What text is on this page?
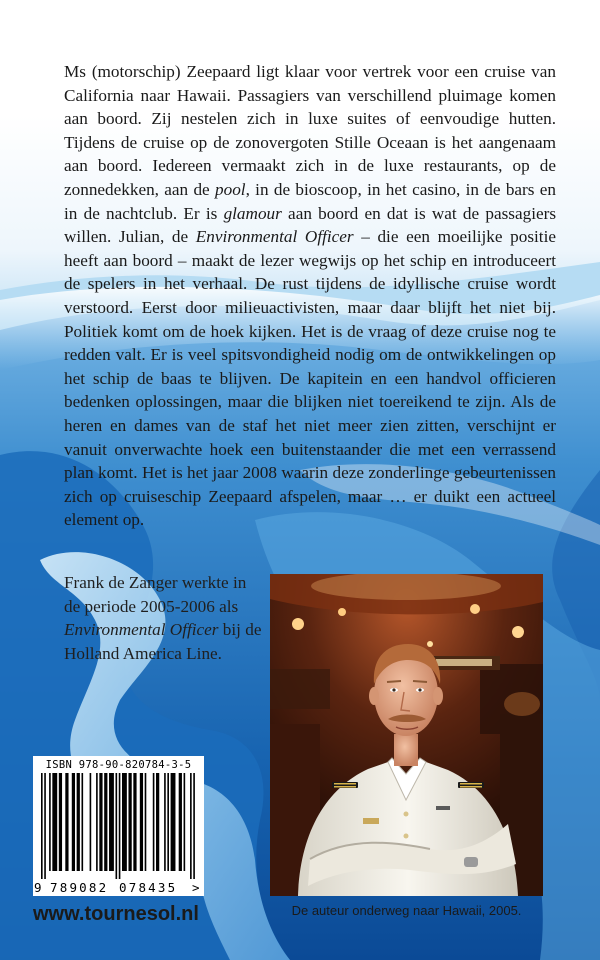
Ms (motorschip) Zeepaard ligt klaar voor vertrek voor een cruise van California naar Hawaii. Passagiers van verschillend pluimage komen aan boord. Zij nestelen zich in luxe suites of eenvoudige hutten. Tijdens de cruise op de zonovergoten Stille Oceaan is het aangenaam aan boord. Iedereen vermaakt zich in de luxe restaurants, op de zonnedekken, aan de pool, in de bioscoop, in het casino, in de bars en in de nachtclub. Er is glamour aan boord en dat is wat de passagiers willen. Julian, de Environmental Officer – die een moeilijke positie heeft aan boord – maakt de lezer wegwijs op het schip en introduceert de spelers in het verhaal. De rust tijdens de idyllische cruise wordt verstoord. Eerst door milieuactivisten, maar daar blijft het niet bij. Politiek komt om de hoek kijken. Het is de vraag of deze cruise nog te redden valt. Er is veel spitsvondigheid nodig om de ontwikkelingen op het schip de baas te blijven. De kapitein en een handvol officieren bedenken oplossingen, maar die blijken niet toereikend te zijn. Als de heren en dames van de staf het niet meer zien zitten, verschijnt er vanuit onverwachte hoek een buitenstaander die met een verrassend plan komt. Het is het jaar 2008 waarin deze zonderlinge gebeurtenissen zich op cruiseschip Zeepaard afspelen, maar … er duikt een actueel element op.

Frank de Zanger werkte in de periode 2005-2006 als Environmental Officer bij de Holland America Line.

De auteur onderweg naar Hawaii, 2005.
ISBN 978-90-820784-3-5
9 789082 078435 >
www.tournesol.nl
